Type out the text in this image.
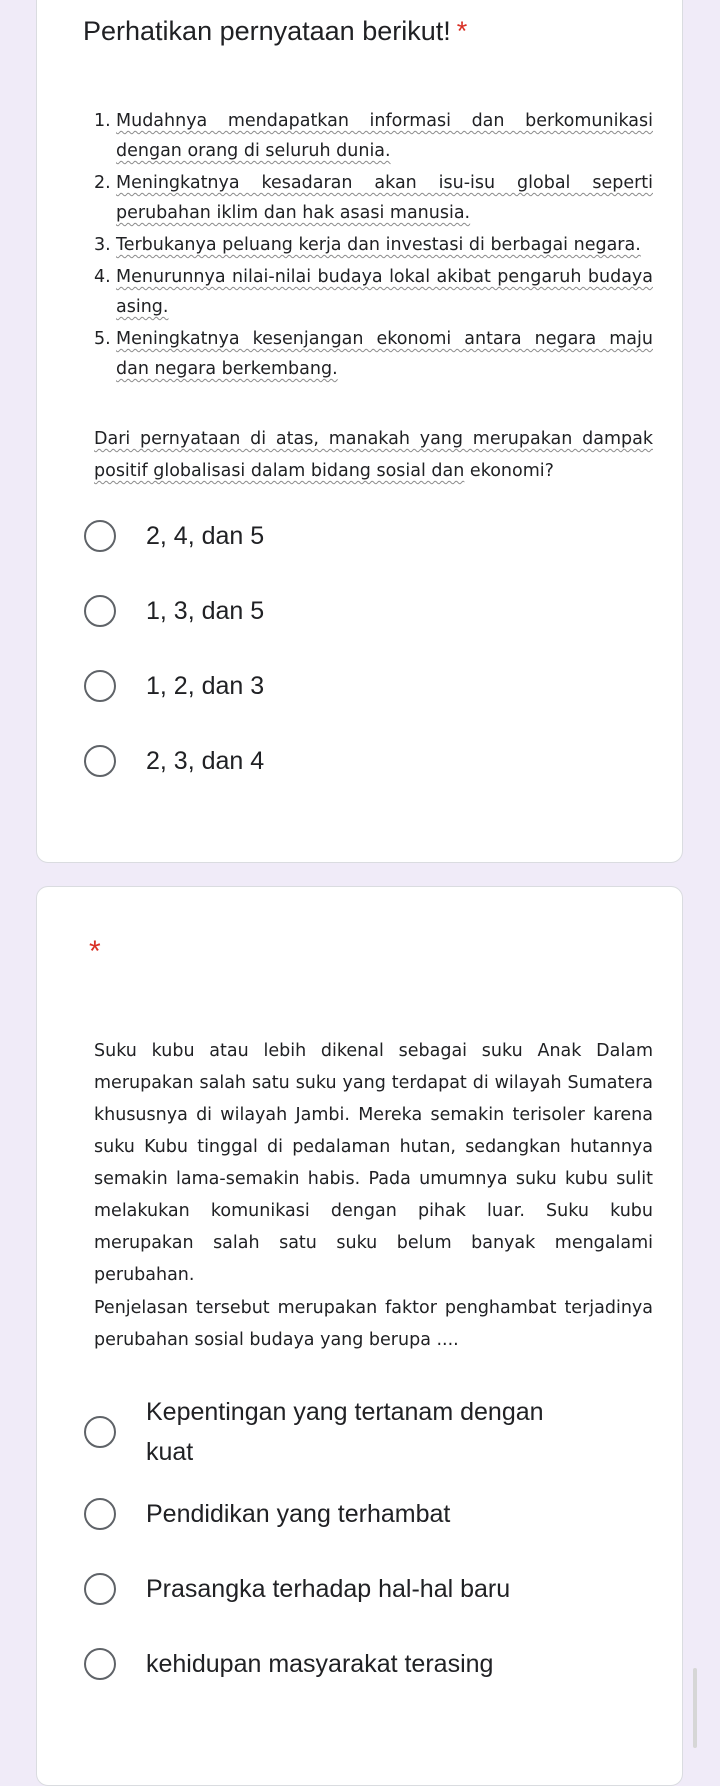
Perhatikan pernyataan berikut! *
1. Mudahnya mendapatkan informasi dan berkomunikasi dengan orang di seluruh dunia.
2. Meningkatnya kesadaran akan isu-isu global seperti perubahan iklim dan hak asasi manusia.
3. Terbukanya peluang kerja dan investasi di berbagai negara.
4. Menurunnya nilai-nilai budaya lokal akibat pengaruh budaya asing.
5. Meningkatnya kesenjangan ekonomi antara negara maju dan negara berkembang.
Dari pernyataan di atas, manakah yang merupakan dampak positif globalisasi dalam bidang sosial dan ekonomi?
2, 4, dan 5
1, 3, dan 5
1, 2, dan 3
2, 3, dan 4
*
Suku kubu atau lebih dikenal sebagai suku Anak Dalam merupakan salah satu suku yang terdapat di wilayah Sumatera khususnya di wilayah Jambi. Mereka semakin terisoler karena suku Kubu tinggal di pedalaman hutan, sedangkan hutannya semakin lama-semakin habis. Pada umumnya suku kubu sulit melakukan komunikasi dengan pihak luar. Suku kubu merupakan salah satu suku belum banyak mengalami perubahan.
Penjelasan tersebut merupakan faktor penghambat terjadinya perubahan sosial budaya yang berupa ....
Kepentingan yang tertanam dengan kuat
Pendidikan yang terhambat
Prasangka terhadap hal-hal baru
kehidupan masyarakat terasing
